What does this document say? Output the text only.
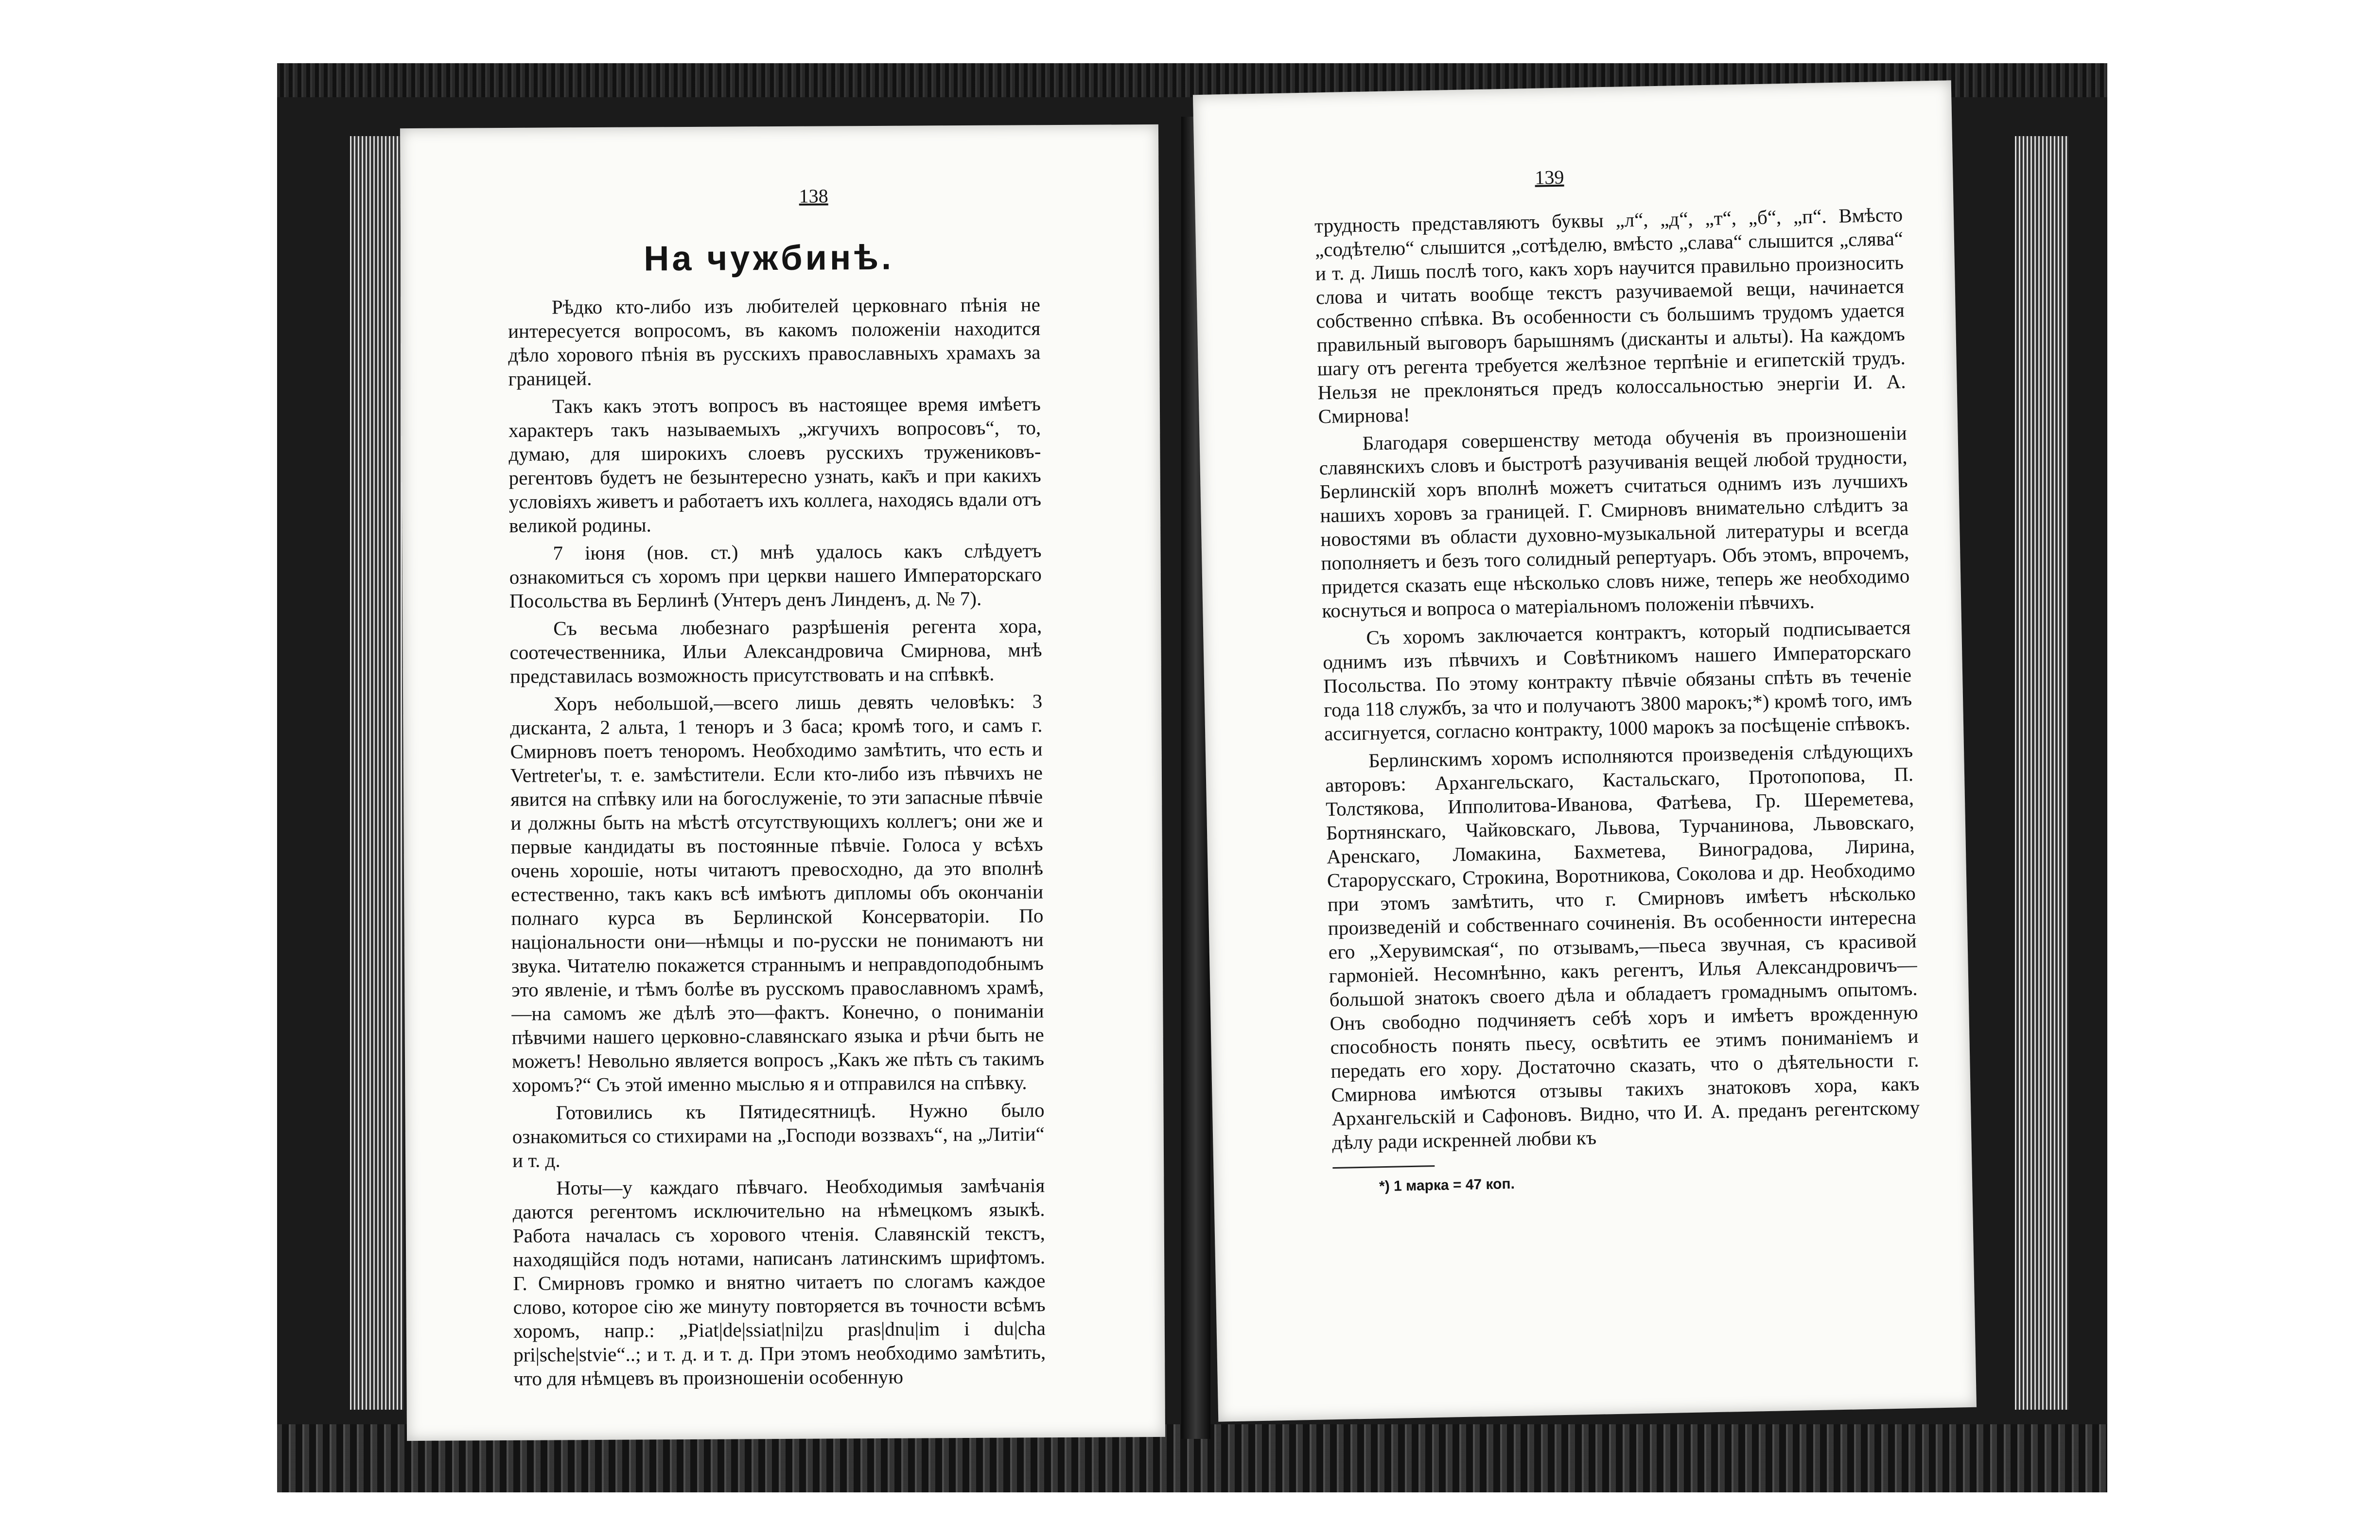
138
На чужбинѣ.

Рѣдко кто-либо изъ любителей церковнаго пѣнія не интересуется вопросомъ, въ какомъ положеніи находится дѣло хорового пѣнія въ русскихъ православныхъ храмахъ за границей.

Такъ какъ этотъ вопросъ въ настоящее время имѣетъ характеръ такъ называемыхъ „жгучихъ вопросовъ“, то, думаю, для широкихъ слоевъ русскихъ тружениковъ-регентовъ будетъ не безынтересно узнать, как̄ъ и при какихъ условіяхъ живетъ и работаетъ ихъ коллега, находясь вдали отъ великой родины.

7 іюня (нов. ст.) мнѣ удалось какъ слѣдуетъ ознакомиться съ хоромъ при церкви нашего Императорскаго Посольства въ Берлинѣ (Унтеръ денъ Линденъ, д. № 7).

Съ весьма любезнаго разрѣшенія регента хора, соотечественника, Ильи Александровича Смирнова, мнѣ представилась возможность присутствовать и на спѣвкѣ.

Хоръ небольшой,—всего лишь девять человѣкъ: 3 дисканта, 2 альта, 1 теноръ и 3 баса; кромѣ того, и самъ г. Смирновъ поетъ теноромъ. Необходимо замѣтить, что есть и Vertreter'ы, т. е. замѣстители. Если кто-либо изъ пѣвчихъ не явится на спѣвку или на богослуженіе, то эти запасные пѣвчіе и должны быть на мѣстѣ отсутствующихъ коллегъ; они же и первые кандидаты въ постоянные пѣвчіе. Голоса у всѣхъ очень хорошіе, ноты читаютъ превосходно, да это вполнѣ естественно, такъ какъ всѣ имѣютъ дипломы объ окончаніи полнаго курса въ Берлинской Консерваторіи. По національности они—нѣмцы и по-русски не понимаютъ ни звука. Читателю покажется страннымъ и неправдоподобнымъ это явленіе, и тѣмъ болѣе въ русскомъ православномъ храмѣ,—на самомъ же дѣлѣ это—фактъ. Конечно, о пониманіи пѣвчими нашего церковно-славянскаго языка и рѣчи быть не можетъ! Невольно является вопросъ „Какъ же пѣть съ такимъ хоромъ?“ Съ этой именно мыслью я и отправился на спѣвку.

Готовились къ Пятидесятницѣ. Нужно было ознакомиться со стихирами на „Господи воззвахъ“, на „Литіи“ и т. д.

Ноты—у каждаго пѣвчаго. Необходимыя замѣчанія даются регентомъ исключительно на нѣмецкомъ языкѣ. Работа началась съ хорового чтенія. Славянскій текстъ, находящійся подъ нотами, написанъ латинскимъ шрифтомъ. Г. Смирновъ громко и внятно читаетъ по слогамъ каждое слово, которое сію же минуту повторяется въ точности всѣмъ хоромъ, напр.: „Piat|de|ssiat|ni|zu pras|dnu|im i du|cha pri|sche|stvie“..; и т. д. и т. д. При этомъ необходимо замѣтить, что для нѣмцевъ въ произношеніи особенную

139

трудность представляютъ буквы „л“, „д“, „т“, „б“, „п“. Вмѣсто „содѣтелю“ слышится „сотѣделю, вмѣсто „слава“ слышится „слява“ и т. д. Лишь послѣ того, какъ хоръ научится правильно произносить слова и читать вообще текстъ разучиваемой вещи, начинается собственно спѣвка. Въ особенности съ большимъ трудомъ удается правильный выговоръ барышнямъ (дисканты и альты). На каждомъ шагу отъ регента требуется желѣзное терпѣніе и египетскій трудъ. Нельзя не преклоняться предъ колоссальностью энергіи И. А. Смирнова!

Благодаря совершенству метода обученія въ произношеніи славянскихъ словъ и быстротѣ разучиванія вещей любой трудности, Берлинскій хоръ вполнѣ можетъ считаться однимъ изъ лучшихъ нашихъ хоровъ за границей. Г. Смирновъ внимательно слѣдитъ за новостями въ области духовно-музыкальной литературы и всегда пополняетъ и безъ того солидный репертуаръ. Объ этомъ, впрочемъ, придется сказать еще нѣсколько словъ ниже, теперь же необходимо коснуться и вопроса о матеріальномъ положеніи пѣвчихъ.

Съ хоромъ заключается контрактъ, который подписывается однимъ изъ пѣвчихъ и Совѣтникомъ нашего Императорскаго Посольства. По этому контракту пѣвчіе обязаны спѣть въ теченіе года 118 службъ, за что и получаютъ 3800 марокъ;*) кромѣ того, имъ ассигнуется, согласно контракту, 1000 марокъ за посѣщеніе спѣвокъ.

Берлинскимъ хоромъ исполняются произведенія слѣдующихъ авторовъ: Архангельскаго, Кастальскаго, Протопопова, П. Толстякова, Ипполитова-Иванова, Фатѣева, Гр. Шереметева, Бортнянскаго, Чайковскаго, Львова, Турчанинова, Львовскаго, Аренскаго, Ломакина, Бахметева, Виноградова, Лирина, Старорусскаго, Строкина, Воротникова, Соколова и др. Необходимо при этомъ замѣтить, что г. Смирновъ имѣетъ нѣсколько произведеній и собственнаго сочиненія. Въ особенности интересна его „Херувимская“, по отзывамъ,—пьеса звучная, съ красивой гармоніей. Несомнѣнно, какъ регентъ, Илья Александровичъ—большой знатокъ своего дѣла и обладаетъ громаднымъ опытомъ. Онъ свободно подчиняетъ себѣ хоръ и имѣетъ врожденную способность понять пьесу, освѣтить ее этимъ пониманіемъ и передать его хору. Достаточно сказать, что о дѣятельности г. Смирнова имѣются отзывы такихъ знатоковъ хора, какъ Архангельскій и Сафоновъ. Видно, что И. А. преданъ регентскому дѣлу ради искренней любви къ

*) 1 марка = 47 коп.
